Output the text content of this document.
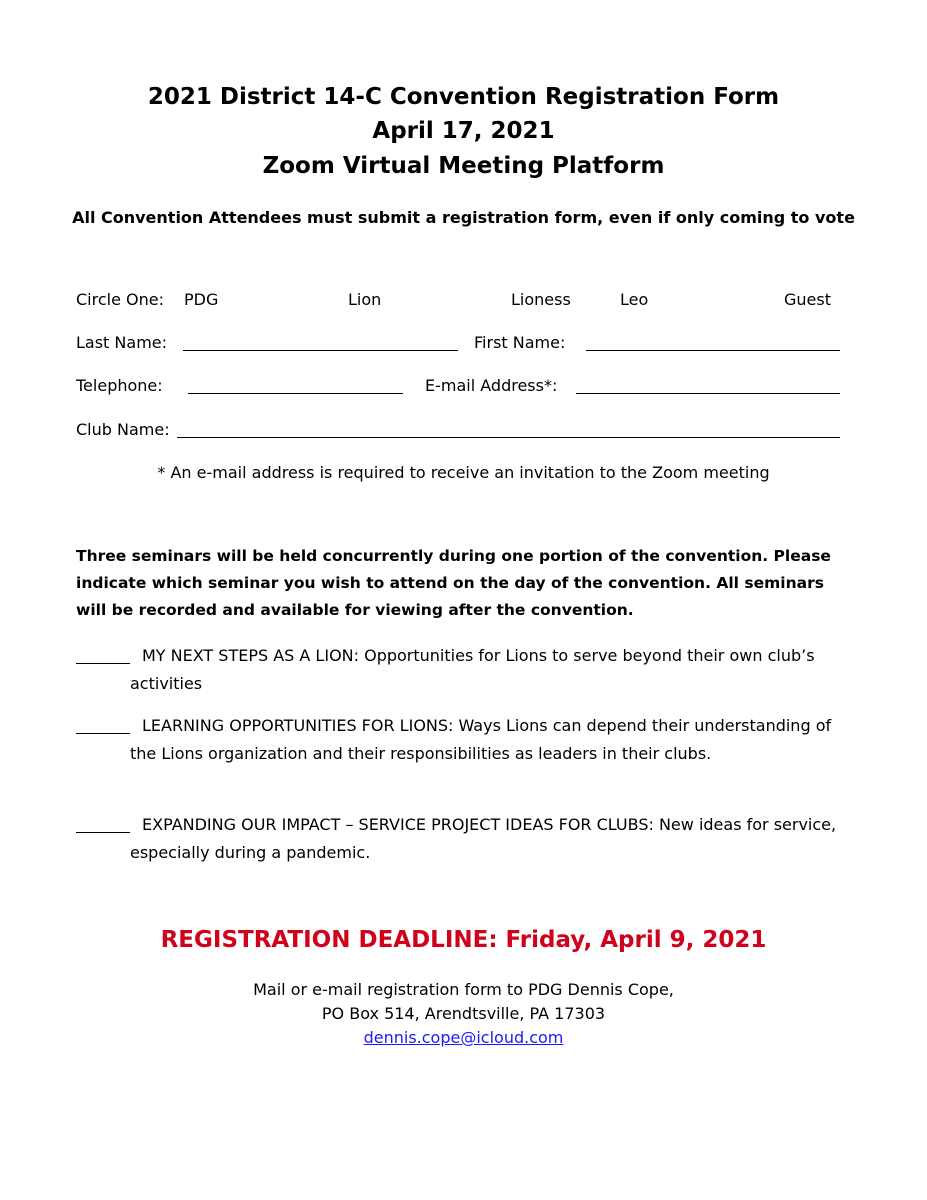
2021 District 14-C Convention Registration Form
April 17, 2021
Zoom Virtual Meeting Platform
All Convention Attendees must submit a registration form, even if only coming to vote
Circle One: PDG	Lion	Lioness	Leo	Guest
Last Name:	First Name:
Telephone:	E-mail Address*:
Club Name:
* An e-mail address is required to receive an invitation to the Zoom meeting
Three seminars will be held concurrently during one portion of the convention. Please indicate which seminar you wish to attend on the day of the convention. All seminars will be recorded and available for viewing after the convention.
MY NEXT STEPS AS A LION: Opportunities for Lions to serve beyond their own club’s activities
LEARNING OPPORTUNITIES FOR LIONS: Ways Lions can depend their understanding of the Lions organization and their responsibilities as leaders in their clubs.
EXPANDING OUR IMPACT – SERVICE PROJECT IDEAS FOR CLUBS: New ideas for service, especially during a pandemic.
REGISTRATION DEADLINE: Friday, April 9, 2021
Mail or e-mail registration form to PDG Dennis Cope,
PO Box 514, Arendtsville, PA 17303
dennis.cope@icloud.com
